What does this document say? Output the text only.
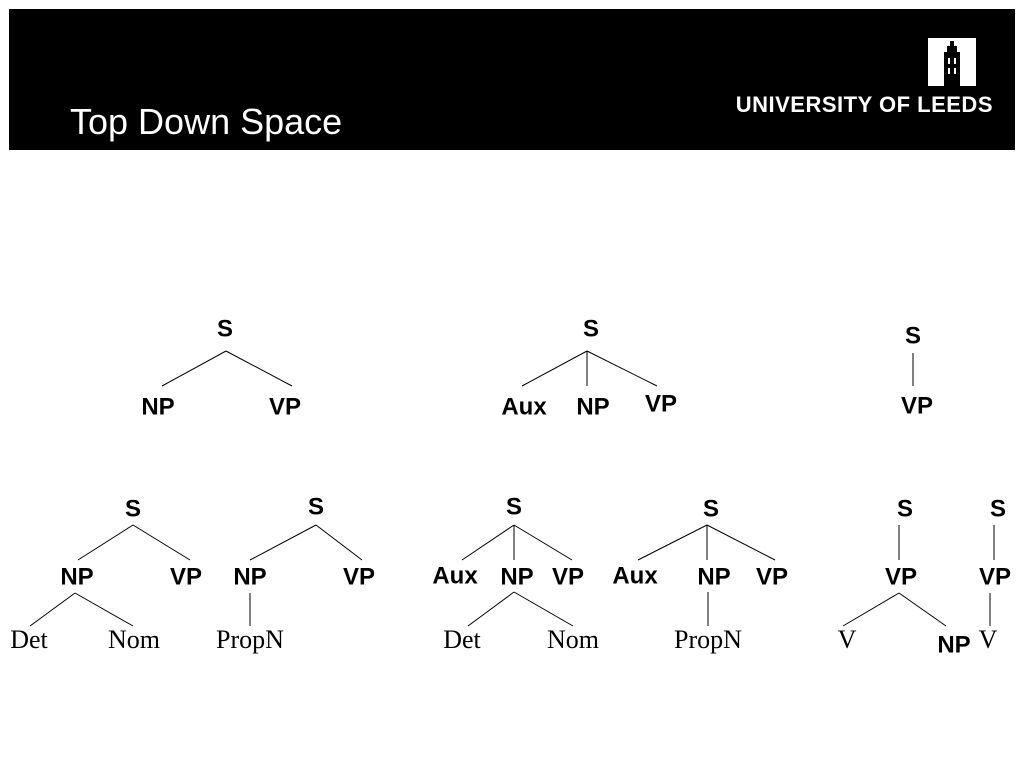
Top Down Space	UNIVERSITY OF LEEDS
S
NP	VP
S
Aux NP VP
S
VP
S
NP	VP
Det Nom
S
NP	VP
PropN
S
Aux NP VP
Det	Nom
S
Aux NP VP
PropN
S
VP
V	NP
S
VP
V
